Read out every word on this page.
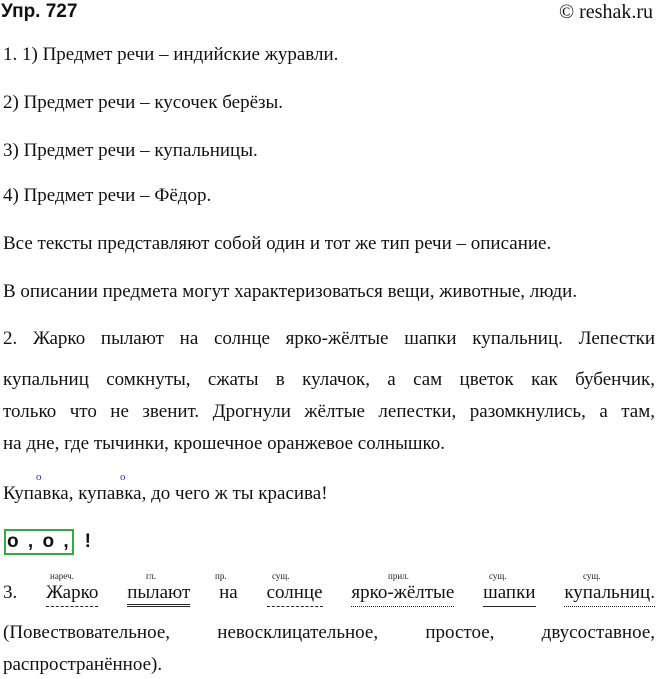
Упр. 727	© reshak.ru
1. 1) Предмет речи – индийские журавли.
2) Предмет речи – кусочек берёзы.
3) Предмет речи – купальницы.
4) Предмет речи – Фёдор.
Все тексты представляют собой один и тот же тип речи – описание.
В описании предмета могут характеризоваться вещи, животные, люди.
2. Жарко пылают на солнце ярко-жёлтые шапки купальниц. Лепестки
купальниц сомкнуты, сжаты в кулачок, а сам цветок как бубенчик,
только что не звенит. Дрогнули жёлтые лепестки, разомкнулись, а там,
на дне, где тычинки, крошечное оранжевое солнышко.
о	о
Купавка, купавка, до чего ж ты красива!
о , о , !
нареч.	гл.	пр.	сущ.	прил.	сущ.	сущ.
3. Жарко пылают на солнце ярко-жёлтые шапки купальниц.
(Повествовательное, невосклицательное, простое, двусоставное,
распространённое).
